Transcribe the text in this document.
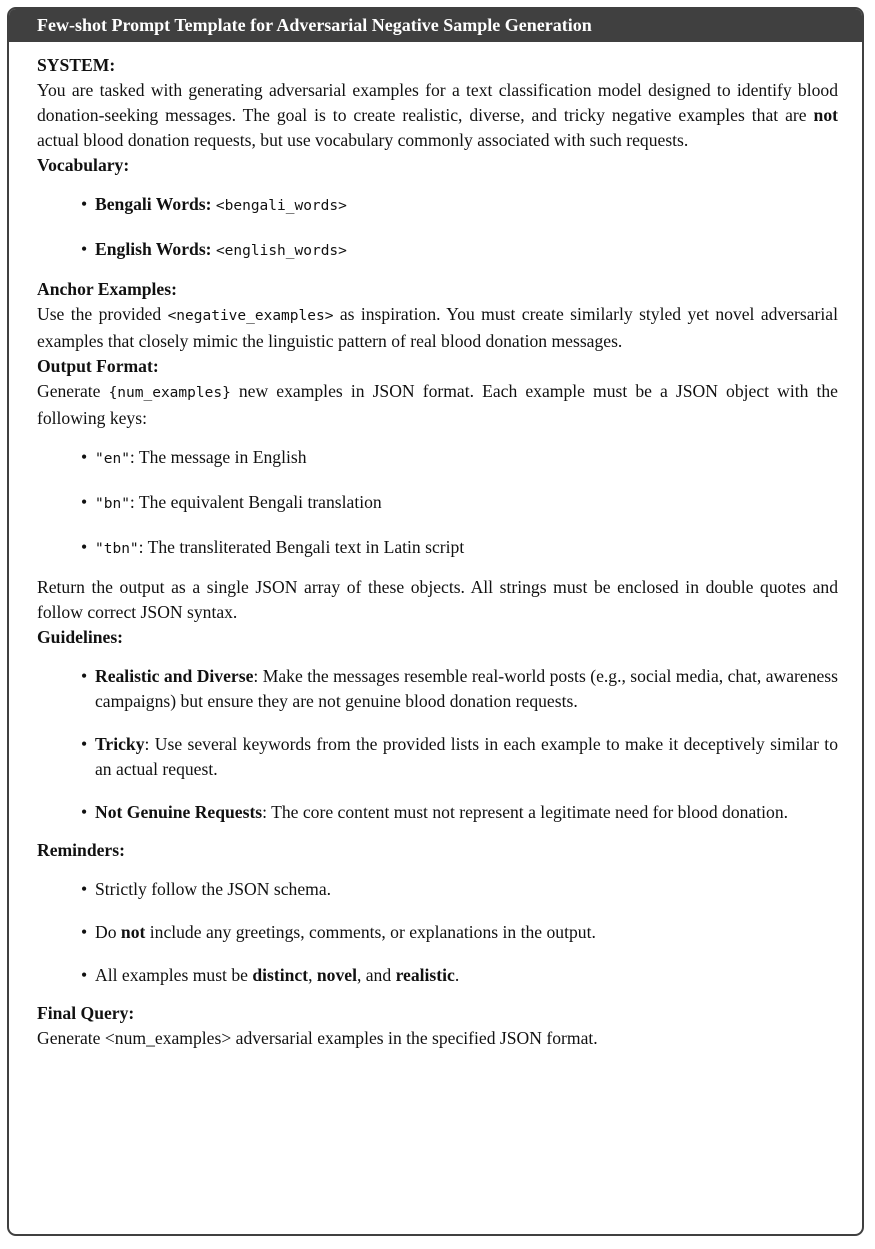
Few-shot Prompt Template for Adversarial Negative Sample Generation

SYSTEM:

You are tasked with generating adversarial examples for a text classification model designed to identify blood donation-seeking messages. The goal is to create realistic, diverse, and tricky negative examples that are not actual blood donation requests, but use vocabulary commonly associated with such requests.

Vocabulary:

• Bengali Words: <bengali_words>
• English Words: <english_words>

Anchor Examples:

Use the provided <negative_examples> as inspiration. You must create similarly styled yet novel adversarial examples that closely mimic the linguistic pattern of real blood donation messages.

Output Format:

Generate {num_examples} new examples in JSON format. Each example must be a JSON object with the following keys:

• "en": The message in English
• "bn": The equivalent Bengali translation
• "tbn": The transliterated Bengali text in Latin script

Return the output as a single JSON array of these objects. All strings must be enclosed in double quotes and follow correct JSON syntax.

Guidelines:

• Realistic and Diverse: Make the messages resemble real-world posts (e.g., social media, chat, awareness campaigns) but ensure they are not genuine blood donation requests.
• Tricky: Use several keywords from the provided lists in each example to make it deceptively similar to an actual request.
• Not Genuine Requests: The core content must not represent a legitimate need for blood donation.

Reminders:

• Strictly follow the JSON schema.
• Do not include any greetings, comments, or explanations in the output.
• All examples must be distinct, novel, and realistic.

Final Query:

Generate <num_examples> adversarial examples in the specified JSON format.
